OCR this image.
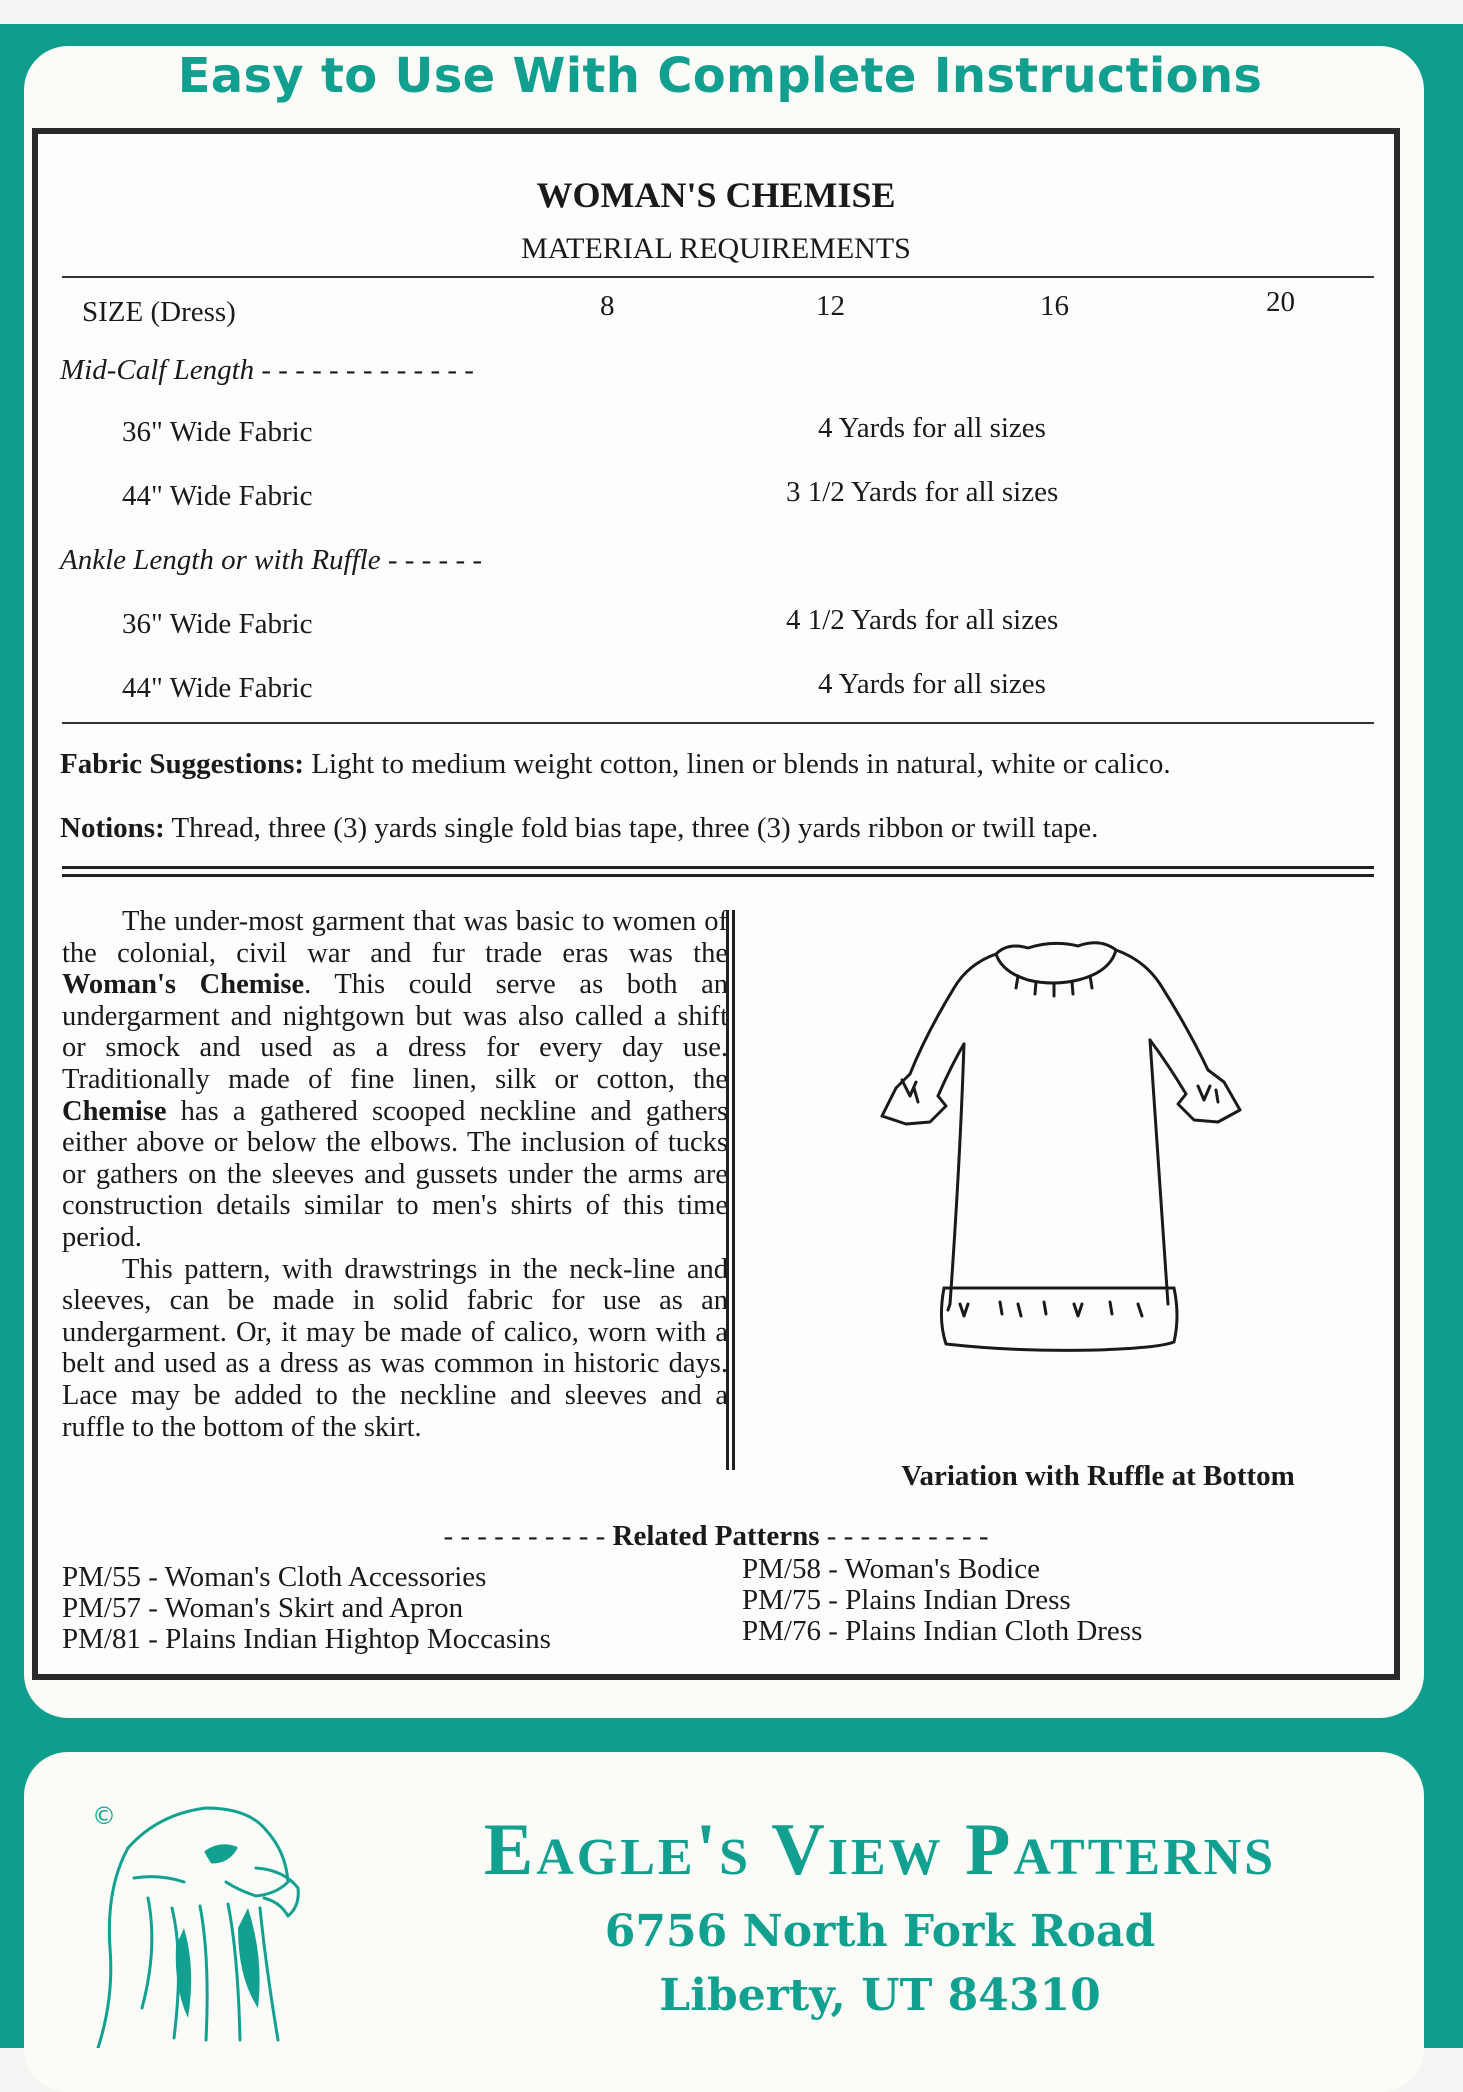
Easy to Use With Complete Instructions
WOMAN'S CHEMISE
MATERIAL REQUIREMENTS
SIZE (Dress)	8	12	16	20
Mid-Calf Length - - - - - - - - - - - - -
36" Wide Fabric	4 Yards for all sizes
44" Wide Fabric	3 1/2 Yards for all sizes
Ankle Length or with Ruffle - - - - - -
36" Wide Fabric	4 1/2 Yards for all sizes
44" Wide Fabric	4 Yards for all sizes
Fabric Suggestions: Light to medium weight cotton, linen or blends in natural, white or calico.
Notions: Thread, three (3) yards single fold bias tape, three (3) yards ribbon or twill tape.

The under-most garment that was basic to women of the colonial, civil war and fur trade eras was the Woman's Chemise. This could serve as both an undergarment and nightgown but was also called a shift or smock and used as a dress for every day use. Traditionally made of fine linen, silk or cotton, the Chemise has a gathered scooped neckline and gathers either above or below the elbows. The inclusion of tucks or gathers on the sleeves and gussets under the arms are construction details similar to men's shirts of this time period.

This pattern, with drawstrings in the neck-line and sleeves, can be made in solid fabric for use as an undergarment. Or, it may be made of calico, worn with a belt and used as a dress as was common in historic days. Lace may be added to the neckline and sleeves and a ruffle to the bottom of the skirt.

Variation with Ruffle at Bottom
- - - - - - - - - - Related Patterns - - - - - - - - - -
PM/55 - Woman's Cloth Accessories
PM/57 - Woman's Skirt and Apron
PM/81 - Plains Indian Hightop Moccasins
PM/58 - Woman's Bodice
PM/75 - Plains Indian Dress
PM/76 - Plains Indian Cloth Dress
©	Eagle's View Patterns
6756 North Fork Road
Liberty, UT 84310
